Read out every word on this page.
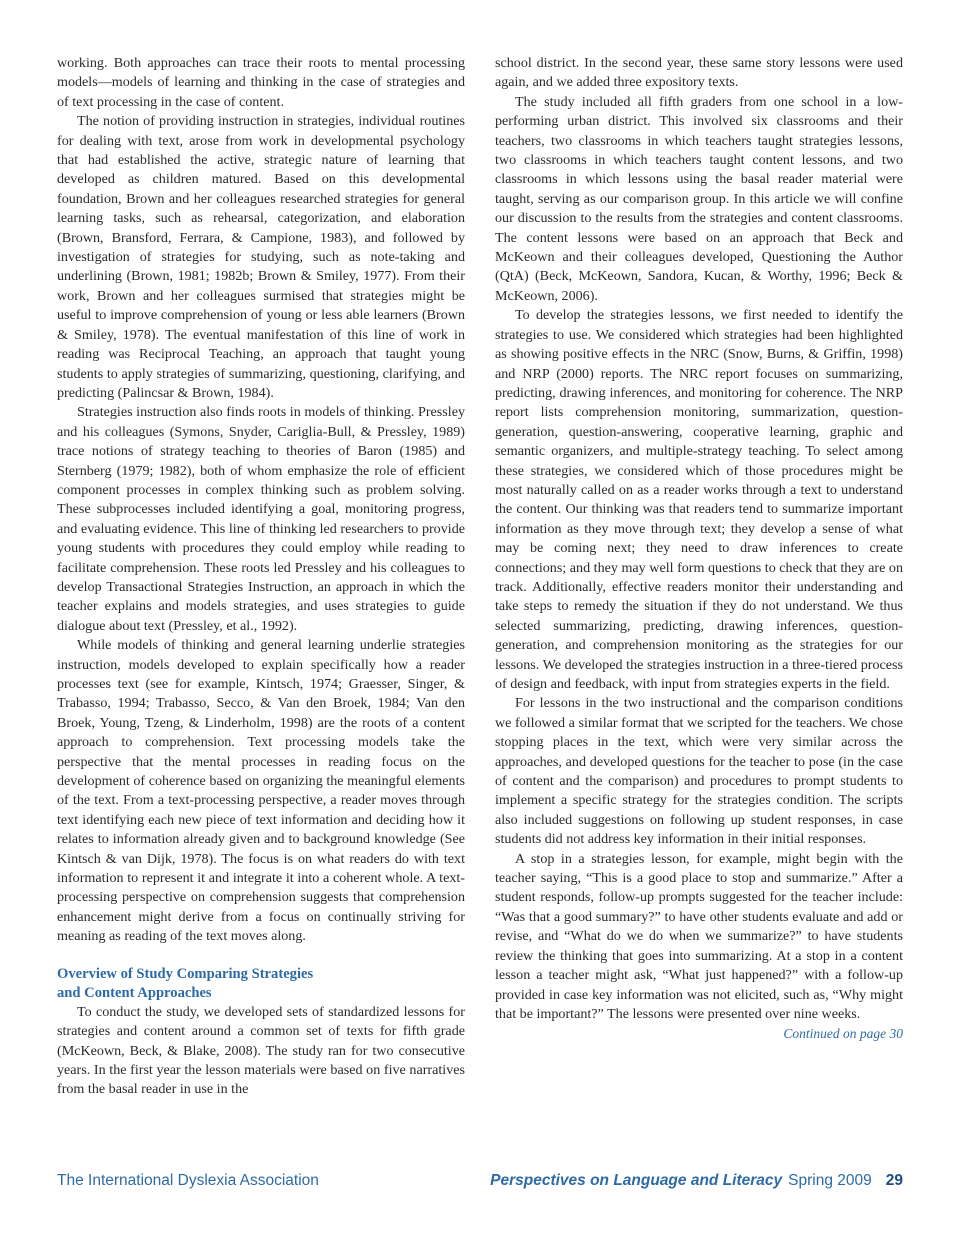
working. Both approaches can trace their roots to mental processing models—models of learning and thinking in the case of strategies and of text processing in the case of content.

The notion of providing instruction in strategies, individual routines for dealing with text, arose from work in developmental psychology that had established the active, strategic nature of learning that developed as children matured. Based on this developmental foundation, Brown and her colleagues researched strategies for general learning tasks, such as rehearsal, categorization, and elaboration (Brown, Bransford, Ferrara, & Campione, 1983), and followed by investigation of strategies for studying, such as note-taking and underlining (Brown, 1981; 1982b; Brown & Smiley, 1977). From their work, Brown and her colleagues surmised that strategies might be useful to improve comprehension of young or less able learners (Brown & Smiley, 1978). The eventual manifestation of this line of work in reading was Reciprocal Teaching, an approach that taught young students to apply strategies of summarizing, questioning, clarifying, and predicting (Palincsar & Brown, 1984).

Strategies instruction also finds roots in models of thinking. Pressley and his colleagues (Symons, Snyder, Cariglia-Bull, & Pressley, 1989) trace notions of strategy teaching to theories of Baron (1985) and Sternberg (1979; 1982), both of whom emphasize the role of efficient component processes in complex thinking such as problem solving. These subprocesses included identifying a goal, monitoring progress, and evaluating evidence. This line of thinking led researchers to provide young students with procedures they could employ while reading to facilitate comprehension. These roots led Pressley and his colleagues to develop Transactional Strategies Instruction, an approach in which the teacher explains and models strategies, and uses strategies to guide dialogue about text (Pressley, et al., 1992).

While models of thinking and general learning underlie strategies instruction, models developed to explain specifically how a reader processes text (see for example, Kintsch, 1974; Graesser, Singer, & Trabasso, 1994; Trabasso, Secco, & Van den Broek, 1984; Van den Broek, Young, Tzeng, & Linderholm, 1998) are the roots of a content approach to comprehension. Text processing models take the perspective that the mental processes in reading focus on the development of coherence based on organizing the meaningful elements of the text. From a text-processing perspective, a reader moves through text identifying each new piece of text information and deciding how it relates to information already given and to background knowledge (See Kintsch & van Dijk, 1978). The focus is on what readers do with text information to represent it and integrate it into a coherent whole. A text-processing perspective on comprehension suggests that comprehension enhancement might derive from a focus on continually striving for meaning as reading of the text moves along.

Overview of Study Comparing Strategies
and Content Approaches

To conduct the study, we developed sets of standardized lessons for strategies and content around a common set of texts for fifth grade (McKeown, Beck, & Blake, 2008). The study ran for two consecutive years. In the first year the lesson materials were based on five narratives from the basal reader in use in the

school district. In the second year, these same story lessons were used again, and we added three expository texts.

The study included all fifth graders from one school in a low-performing urban district. This involved six classrooms and their teachers, two classrooms in which teachers taught strategies lessons, two classrooms in which teachers taught content lessons, and two classrooms in which lessons using the basal reader material were taught, serving as our comparison group. In this article we will confine our discussion to the results from the strategies and content classrooms. The content lessons were based on an approach that Beck and McKeown and their colleagues developed, Questioning the Author (QtA) (Beck, McKeown, Sandora, Kucan, & Worthy, 1996; Beck & McKeown, 2006).

To develop the strategies lessons, we first needed to identify the strategies to use. We considered which strategies had been highlighted as showing positive effects in the NRC (Snow, Burns, & Griffin, 1998) and NRP (2000) reports. The NRC report focuses on summarizing, predicting, drawing inferences, and monitoring for coherence. The NRP report lists comprehension monitoring, summarization, question-generation, question-answering, cooperative learning, graphic and semantic organizers, and multiple-strategy teaching. To select among these strategies, we considered which of those procedures might be most naturally called on as a reader works through a text to understand the content. Our thinking was that readers tend to summarize important information as they move through text; they develop a sense of what may be coming next; they need to draw inferences to create connections; and they may well form questions to check that they are on track. Additionally, effective readers monitor their understanding and take steps to remedy the situation if they do not understand. We thus selected summarizing, predicting, drawing inferences, question-generation, and comprehension monitoring as the strategies for our lessons. We developed the strategies instruction in a three-tiered process of design and feedback, with input from strategies experts in the field.

For lessons in the two instructional and the comparison conditions we followed a similar format that we scripted for the teachers. We chose stopping places in the text, which were very similar across the approaches, and developed questions for the teacher to pose (in the case of content and the comparison) and procedures to prompt students to implement a specific strategy for the strategies condition. The scripts also included suggestions on following up student responses, in case students did not address key information in their initial responses.

A stop in a strategies lesson, for example, might begin with the teacher saying, “This is a good place to stop and summarize.” After a student responds, follow-up prompts suggested for the teacher include: “Was that a good summary?” to have other students evaluate and add or revise, and “What do we do when we summarize?” to have students review the thinking that goes into summarizing. At a stop in a content lesson a teacher might ask, “What just happened?” with a follow-up provided in case key information was not elicited, such as, “Why might that be important?” The lessons were presented over nine weeks.

Continued on page 30

The International Dyslexia Association	Perspectives on Language and Literacy Spring 2009 29
